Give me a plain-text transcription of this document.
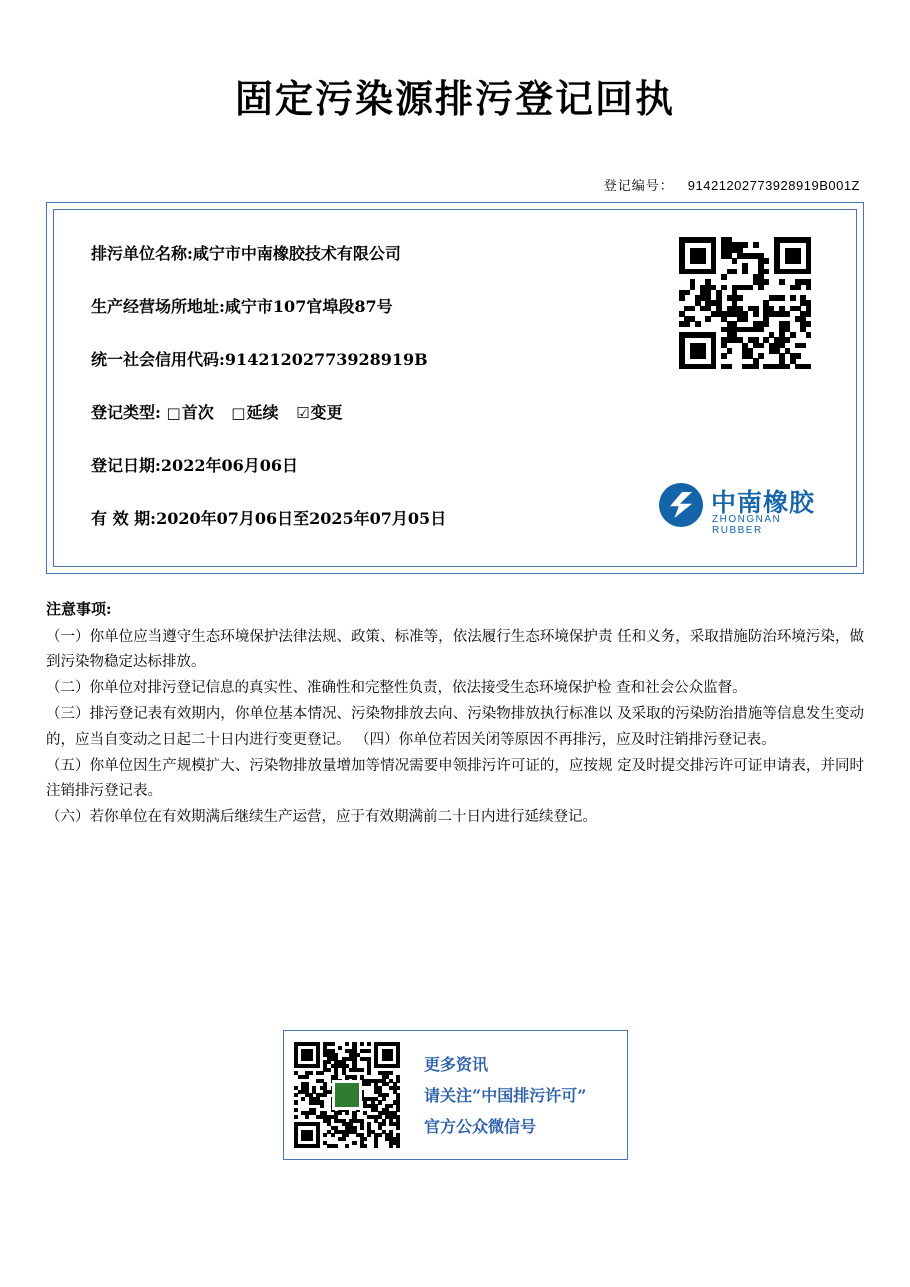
固定污染源排污登记回执
登记编号： 91421202773928919B001Z
排污单位名称:咸宁市中南橡胶技术有限公司
生产经营场所地址:咸宁市107官埠段87号
统一社会信用代码:91421202773928919B
登记类型: □首次 □延续 ☑变更
登记日期:2022年06月06日
有 效 期:2020年07月06日至2025年07月05日
中南橡胶
ZHONGNAN RUBBER
注意事项:

（一）你单位应当遵守生态环境保护法律法规、政策、标准等，依法履行生态环境保护责 任和义务，采取措施防治环境污染，做到污染物稳定达标排放。

（二）你单位对排污登记信息的真实性、准确性和完整性负责，依法接受生态环境保护检 查和社会公众监督。

（三）排污登记表有效期内，你单位基本情况、污染物排放去向、污染物排放执行标准以 及采取的污染防治措施等信息发生变动的，应当自变动之日起二十日内进行变更登记。 （四）你单位若因关闭等原因不再排污，应及时注销排污登记表。

（五）你单位因生产规模扩大、污染物排放量增加等情况需要申领排污许可证的，应按规 定及时提交排污许可证申请表，并同时注销排污登记表。

（六）若你单位在有效期满后继续生产运营，应于有效期满前二十日内进行延续登记。

更多资讯
请关注“中国排污许可”
官方公众微信号
